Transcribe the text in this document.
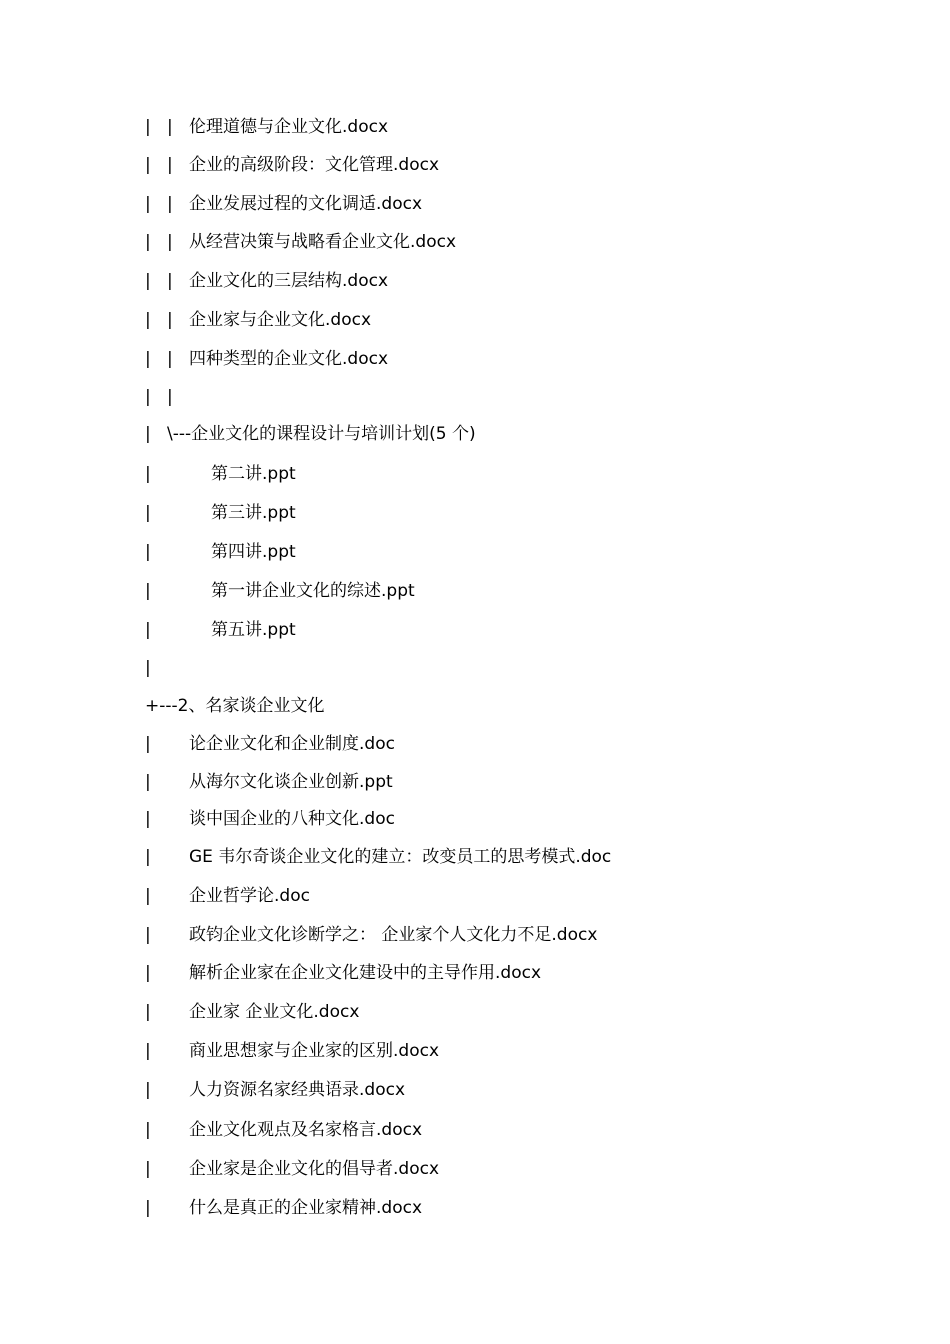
|

|

伦理道德与企业文化.docx

|

|

企业的高级阶段：文化管理.docx

|

|

企业发展过程的文化调适.docx

|

|

从经营决策与战略看企业文化.docx

|

|

企业文化的三层结构.docx

|

|

企业家与企业文化.docx

|

|

四种类型的企业文化.docx

|

|

|

\---企业文化的课程设计与培训计划(5 个)

|

	第二讲.ppt

|

	第三讲.ppt

|

	第四讲.ppt

|

	第一讲企业文化的综述.ppt

|

	第五讲.ppt

|

+---2、名家谈企业文化

|

论企业文化和企业制度.doc

|

从海尔文化谈企业创新.ppt

|

谈中国企业的八种文化.doc

|

GE 韦尔奇谈企业文化的建立：改变员工的思考模式.doc

|

企业哲学论.doc

|

政钧企业文化诊断学之： 企业家个人文化力不足.docx

|

解析企业家在企业文化建设中的主导作用.docx

|

企业家 企业文化.docx

|

商业思想家与企业家的区别.docx

|

人力资源名家经典语录.docx

|

企业文化观点及名家格言.docx

|

企业家是企业文化的倡导者.docx

|

什么是真正的企业家精神.docx
